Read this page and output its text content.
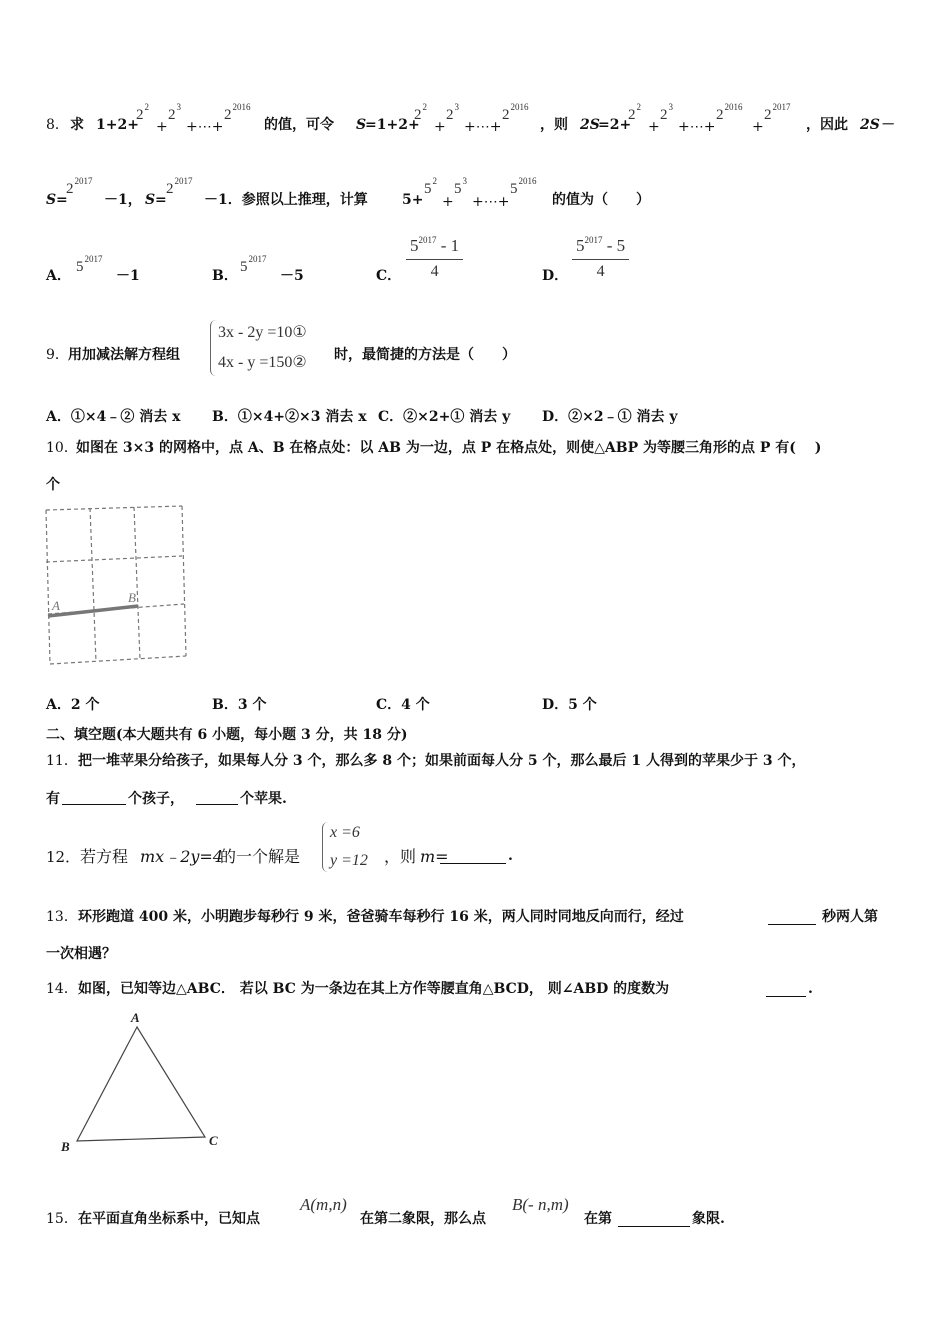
8． 求 1+2+
$2^2$
+
$2^3$
+⋯+
$2^{2016}$
的值，可令 S
=1+2+
$2^2$
+
$2^3$
+⋯+
$2^{2016}$
，则 2S
=2+
$2^2$
+
$2^3$
+⋯+
$2^{2016}$
+
$2^{2017}$
，因此 2S－
S =
$2^{2017}$
－1， S =
$2^{2017}$
－1．参照以上推理，计算 5+
$5^2$
+
$5^3$
+⋯+
$5^{2016}$
的值为（　　）
A．
$5^{2017}$
－1	B．
$5^{2017}$
－5	C． $\frac{5^{2017} - 1}{4}$	D． $\frac{5^{2017} - 5}{4}$
9． 用加减法解方程组
3x - 2y =10①
4x - y =150② 时，最简捷的方法是（　　）
A．①×4﹣② 消去 x B．①×4+②×3 消去 x C．②×2+① 消去 y D．②×2﹣① 消去 y
10．
如图在 3×3 的网格中，点 A、B 在格点处：以 AB 为一边，点 P 在格点处，则使△ABP 为等腰三角形的点 P 有(　 )
个
A
B
A．2 个	B．3 个	C．4 个	D．5 个
二、填空题(本大题共有 6 小题，每小题 3 分，共 18 分)
11． 把一堆苹果分给孩子，如果每人分 3 个，那么多 8 个；如果前面每人分 5 个，那么最后 1 人得到的苹果少于 3 个，
有	个孩子，	个苹果.
12． 若方程 mx﹣2y=4
的一个解是
x =6
y =12 ，则 m=	.
13． 环形跑道 400 米，小明跑步每秒行 9 米，爸爸骑车每秒行 16 米，两人同时同地反向而行，经过	秒两人第
一次相遇？
14． 如图，已知等边△ABC． 若以 BC 为一条边在其上方作等腰直角△BCD， 则∠ABD 的度数为	.
A
B	C
15． 在平面直角坐标系中，已知点
A(m,n)
在第二象限，那么点
B(- n,m)
在第	象限.
